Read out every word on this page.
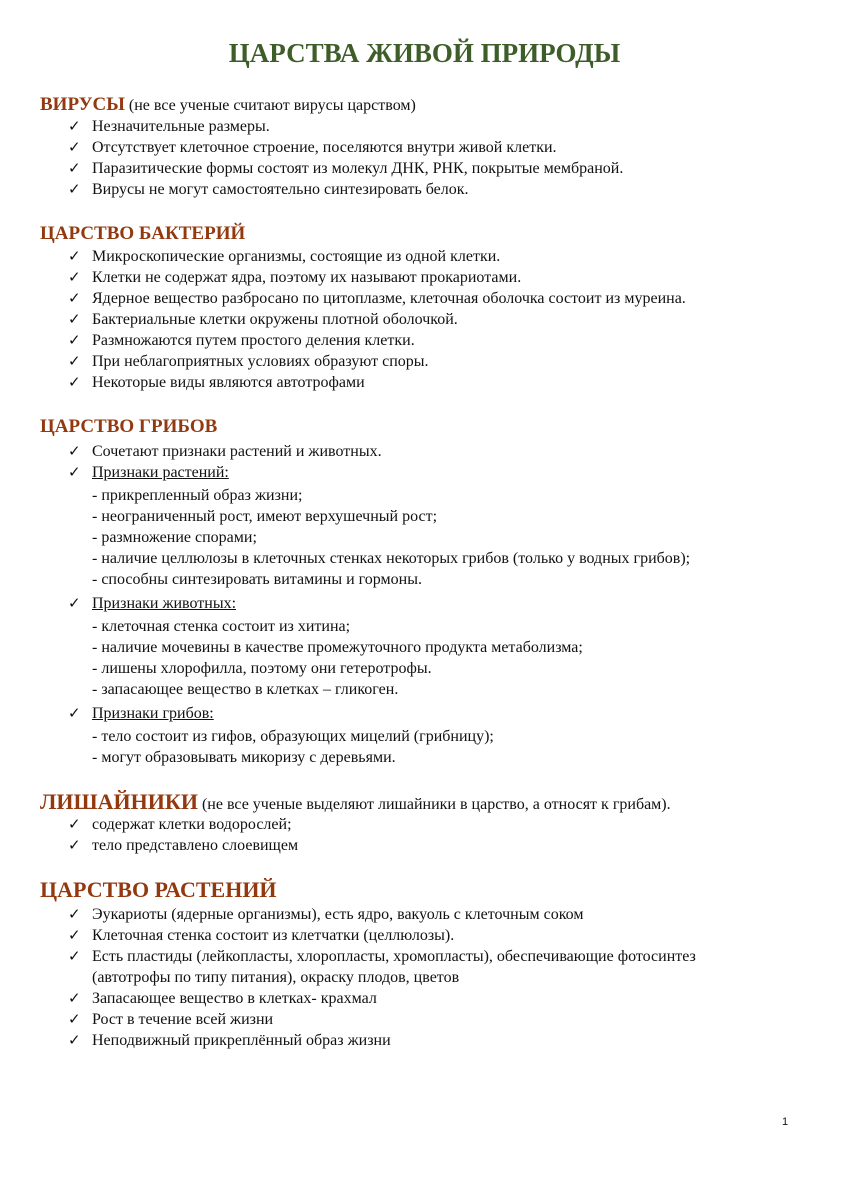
ЦАРСТВА ЖИВОЙ ПРИРОДЫ
ВИРУСЫ (не все ученые считают вирусы царством)
✓ Незначительные размеры.
✓ Отсутствует клеточное строение, поселяются внутри живой клетки.
✓ Паразитические формы состоят из молекул ДНК, РНК, покрытые мембраной.
✓ Вирусы не могут самостоятельно синтезировать белок.
ЦАРСТВО БАКТЕРИЙ
✓ Микроскопические организмы, состоящие из одной клетки.
✓ Клетки не содержат ядра, поэтому их называют прокариотами.
✓ Ядерное вещество разбросано по цитоплазме, клеточная оболочка состоит из муреина.
✓ Бактериальные клетки окружены плотной оболочкой.
✓ Размножаются путем простого деления клетки.
✓ При неблагоприятных условиях образуют споры.
✓ Некоторые виды являются автотрофами
ЦАРСТВО ГРИБОВ
✓ Сочетают признаки растений и животных.
✓ Признаки растений:
- прикрепленный образ жизни;
- неограниченный рост, имеют верхушечный рост;
- размножение спорами;
- наличие целлюлозы в клеточных стенках некоторых грибов (только у водных грибов);
- способны синтезировать витамины и гормоны.
✓ Признаки животных:
- клеточная стенка состоит из хитина;
- наличие мочевины в качестве промежуточного продукта метаболизма;
- лишены хлорофилла, поэтому они гетеротрофы.
- запасающее вещество в клетках – гликоген.
✓ Признаки грибов:
- тело состоит из гифов, образующих мицелий (грибницу);
- могут образовывать микоризу с деревьями.
ЛИШАЙНИКИ (не все ученые выделяют лишайники в царство, а относят к грибам).
✓ содержат клетки водорослей;
✓ тело представлено слоевищем
ЦАРСТВО РАСТЕНИЙ
✓ Эукариоты (ядерные организмы), есть ядро, вакуоль с клеточным соком
✓ Клеточная стенка состоит из клетчатки (целлюлозы).
✓ Есть пластиды (лейкопласты, хлоропласты, хромопласты), обеспечивающие фотосинтез
(автотрофы по типу питания), окраску плодов, цветов
✓ Запасающее вещество в клетках- крахмал
✓ Рост в течение всей жизни
✓ Неподвижный прикреплённый образ жизни
1
